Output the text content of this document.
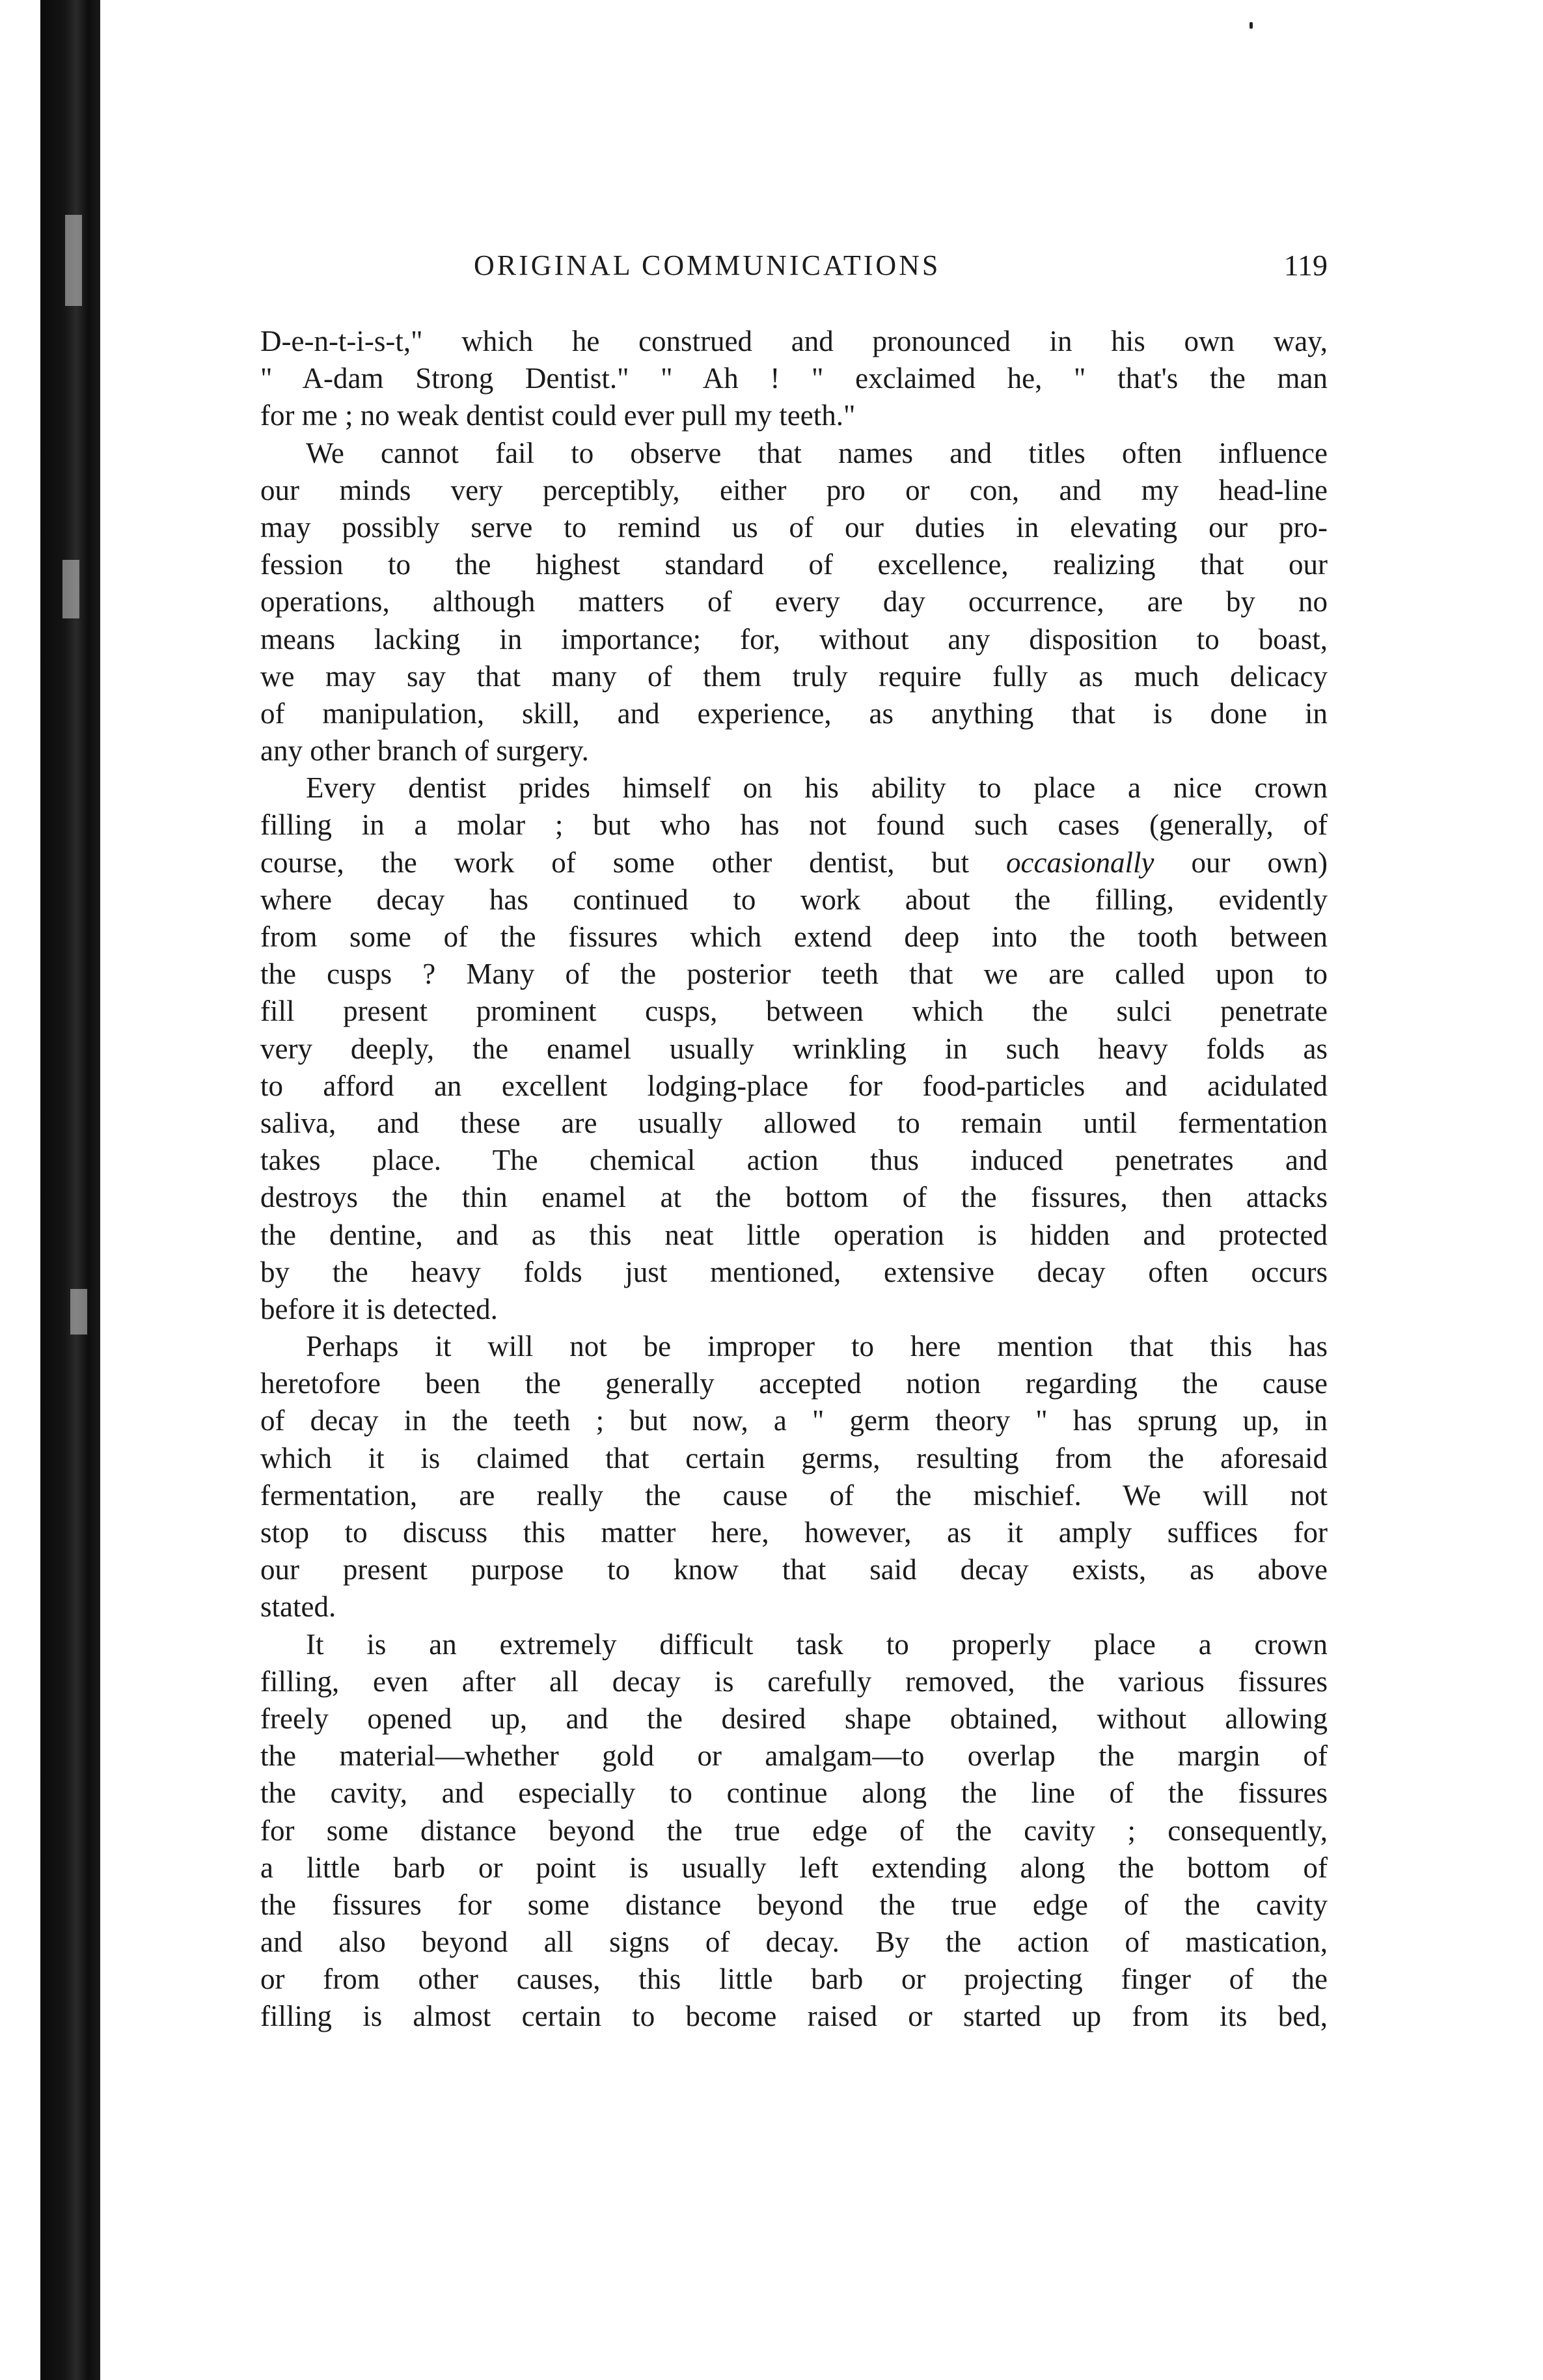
ORIGINAL COMMUNICATIONS	119
D-e-n-t-i-s-t," which he construed and pronounced in his own way,
" A-dam Strong Dentist." " Ah ! " exclaimed he, " that's the man
for me ; no weak dentist could ever pull my teeth."
We cannot fail to observe that names and titles often influence
our minds very perceptibly, either pro or con, and my head-line
may possibly serve to remind us of our duties in elevating our pro-
fession to the highest standard of excellence, realizing that our
operations, although matters of every day occurrence, are by no
means lacking in importance; for, without any disposition to boast,
we may say that many of them truly require fully as much delicacy
of manipulation, skill, and experience, as anything that is done in
any other branch of surgery.
Every dentist prides himself on his ability to place a nice crown
filling in a molar ; but who has not found such cases (generally, of
course, the work of some other dentist, but occasionally our own)
where decay has continued to work about the filling, evidently
from some of the fissures which extend deep into the tooth between
the cusps ? Many of the posterior teeth that we are called upon to
fill present prominent cusps, between which the sulci penetrate
very deeply, the enamel usually wrinkling in such heavy folds as
to afford an excellent lodging-place for food-particles and acidulated
saliva, and these are usually allowed to remain until fermentation
takes place. The chemical action thus induced penetrates and
destroys the thin enamel at the bottom of the fissures, then attacks
the dentine, and as this neat little operation is hidden and protected
by the heavy folds just mentioned, extensive decay often occurs
before it is detected.
Perhaps it will not be improper to here mention that this has
heretofore been the generally accepted notion regarding the cause
of decay in the teeth ; but now, a " germ theory " has sprung up, in
which it is claimed that certain germs, resulting from the aforesaid
fermentation, are really the cause of the mischief. We will not
stop to discuss this matter here, however, as it amply suffices for
our present purpose to know that said decay exists, as above
stated.
It is an extremely difficult task to properly place a crown
filling, even after all decay is carefully removed, the various fissures
freely opened up, and the desired shape obtained, without allowing
the material—whether gold or amalgam—to overlap the margin of
the cavity, and especially to continue along the line of the fissures
for some distance beyond the true edge of the cavity ; consequently,
a little barb or point is usually left extending along the bottom of
the fissures for some distance beyond the true edge of the cavity
and also beyond all signs of decay. By the action of mastication,
or from other causes, this little barb or projecting finger of the
filling is almost certain to become raised or started up from its bed,
